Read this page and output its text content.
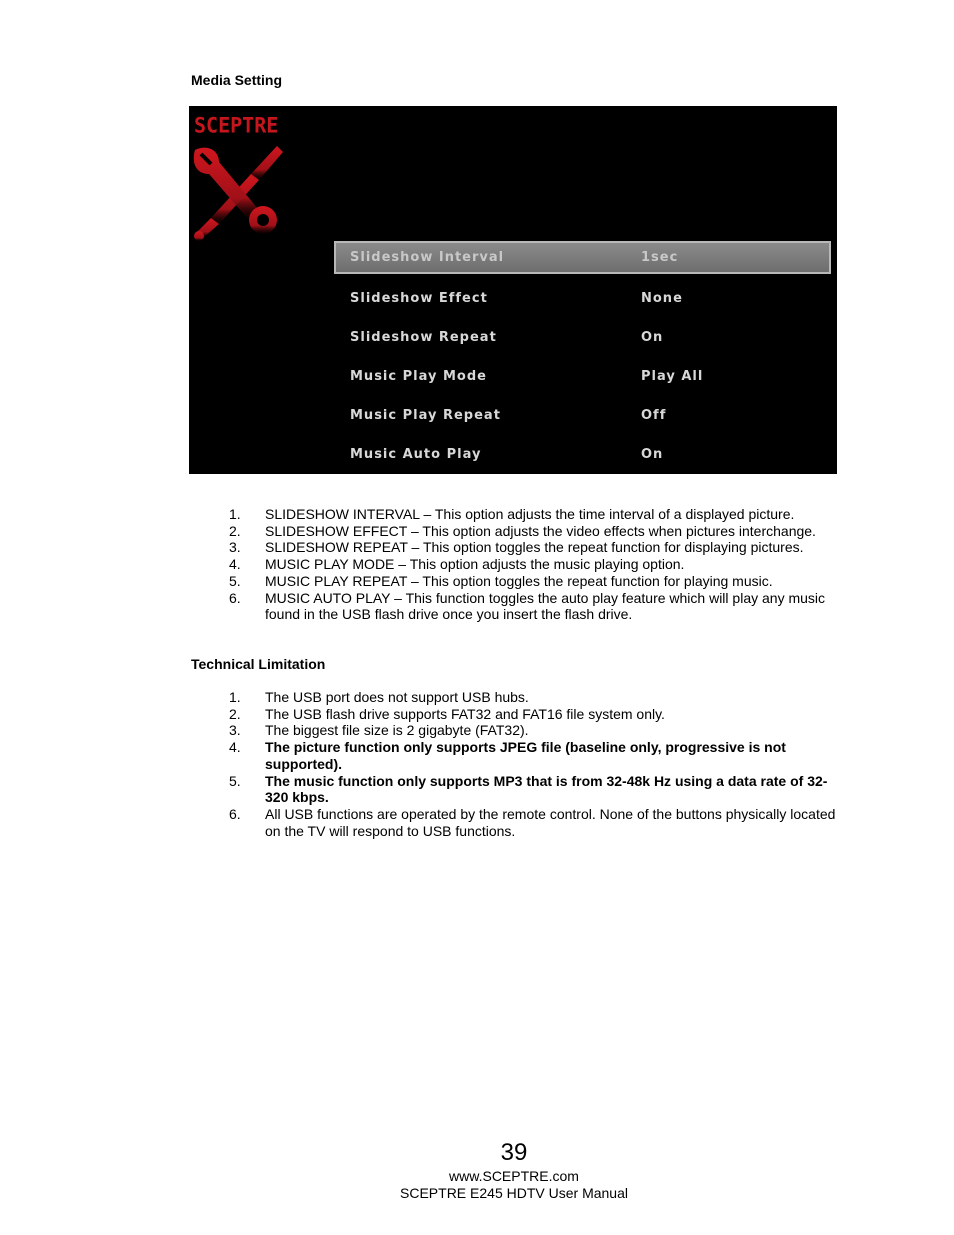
Media Setting
SCEPTRE
Slideshow Interval	1sec
Slideshow Effect	None
Slideshow Repeat	On
Music Play Mode	Play All
Music Play Repeat	Off
Music Auto Play	On
1. SLIDESHOW INTERVAL – This option adjusts the time interval of a displayed picture.
2. SLIDESHOW EFFECT – This option adjusts the video effects when pictures interchange.
3. SLIDESHOW REPEAT – This option toggles the repeat function for displaying pictures.
4. MUSIC PLAY MODE – This option adjusts the music playing option.
5. MUSIC PLAY REPEAT – This option toggles the repeat function for playing music.
6. MUSIC AUTO PLAY – This function toggles the auto play feature which will play any music found in the USB flash drive once you insert the flash drive.
Technical Limitation
1. The USB port does not support USB hubs.
2. The USB flash drive supports FAT32 and FAT16 file system only.
3. The biggest file size is 2 gigabyte (FAT32).
4. The picture function only supports JPEG file (baseline only, progressive is not supported).
5. The music function only supports MP3 that is from 32-48k Hz using a data rate of 32-320 kbps.
6. All USB functions are operated by the remote control. None of the buttons physically located on the TV will respond to USB functions.
39
www.SCEPTRE.com
SCEPTRE E245 HDTV User Manual
